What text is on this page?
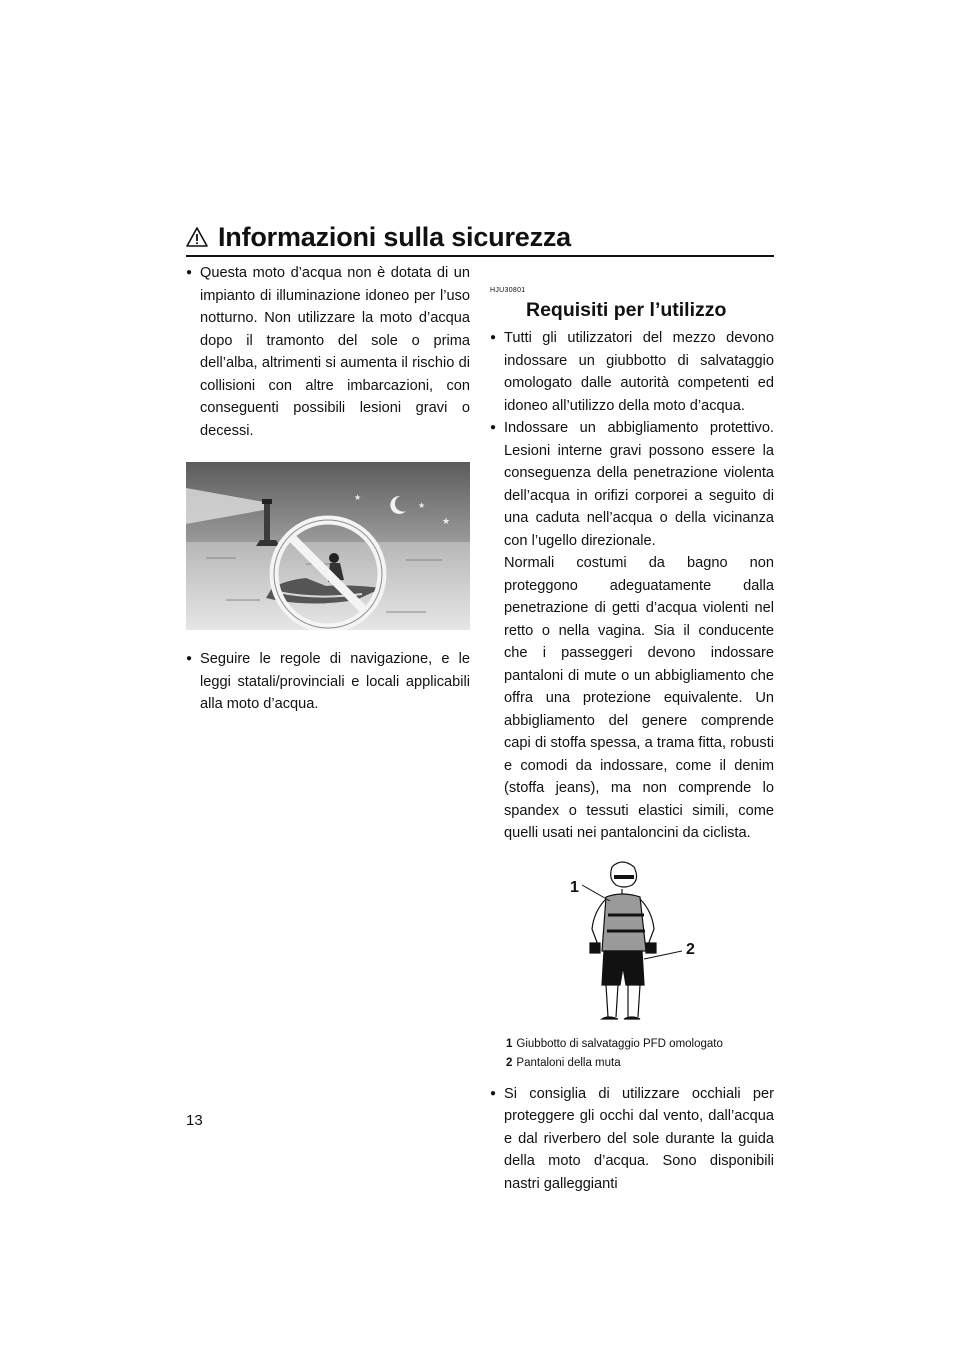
Informazioni sulla sicurezza
● Questa moto d’acqua non è dotata di un impianto di illuminazione idoneo per l’uso notturno. Non utilizzare la moto d’acqua dopo il tramonto del sole o prima dell’alba, altrimenti si aumenta il rischio di collisioni con altre imbarcazioni, con conseguenti possibili lesioni gravi o decessi.
★
★
★
● Seguire le regole di navigazione, e le leggi statali/provinciali e locali applicabili alla moto d’acqua.
HJU30801
Requisiti per l’utilizzo
● Tutti gli utilizzatori del mezzo devono indossare un giubbotto di salvataggio omologato dalle autorità competenti ed idoneo all’utilizzo della moto d’acqua.
● Indossare un abbigliamento protettivo. Lesioni interne gravi possono essere la conseguenza della penetrazione violenta dell’acqua in orifizi corporei a seguito di una caduta nell’acqua o della vicinanza con l’ugello direzionale.
Normali costumi da bagno non proteggono adeguatamente dalla penetrazione di getti d’acqua violenti nel retto o nella vagina. Sia il conducente che i passeggeri devono indossare pantaloni di mute o un abbigliamento che offra una protezione equivalente. Un abbigliamento del genere comprende capi di stoffa spessa, a trama fitta, robusti e comodi da indossare, come il denim (stoffa jeans), ma non comprende lo spandex o tessuti elastici simili, come quelli usati nei pantaloncini da ciclista.
1
2
1 Giubbotto di salvataggio PFD omologato
2 Pantaloni della muta
● Si consiglia di utilizzare occhiali per proteggere gli occhi dal vento, dall’acqua e dal riverbero del sole durante la guida della moto d’acqua. Sono disponibili nastri galleggianti
13
